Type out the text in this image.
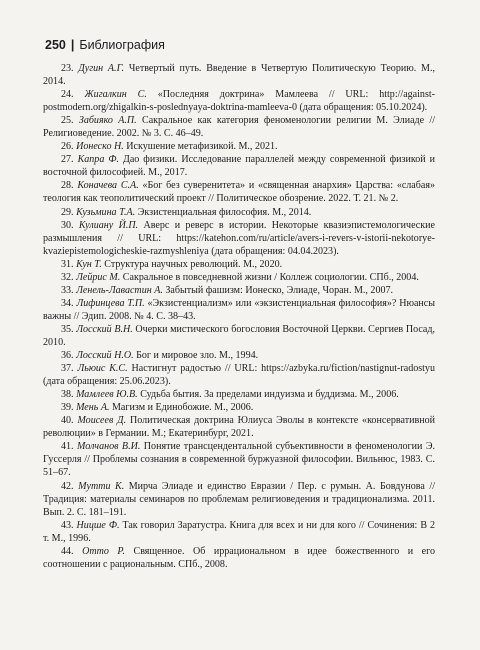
250 | Библиография

23. Дугин А.Г. Четвертый путь. Введение в Четвертую Политическую Теорию. М., 2014.

24. Жигалкин С. «Последняя доктрина» Мамлеева // URL: http://against-postmodern.org/zhigalkin-s-poslednyaya-doktrina-mamleeva-0 (дата обращения: 05.10.2024).

25. Забияко А.П. Сакральное как категория феноменологии религии М. Элиаде // Религиоведение. 2002. № 3. С. 46–49.

26. Ионеско Н. Искушение метафизикой. М., 2021.

27. Капра Ф. Дао физики. Исследование параллелей между современной физикой и восточной философией. М., 2017.

28. Коначева С.А. «Бог без суверенитета» и «священная анархия» Царства: «слабая» теология как теополитический проект // Политическое обозрение. 2022. Т. 21. № 2.

29. Кузьмина Т.А. Экзистенциальная философия. М., 2014.

30. Кулиану Й.П. Аверс и реверс в истории. Некоторые квазиэпистемологические размышления // URL: https://katehon.com/ru/article/avers-i-revers-v-istorii-nekotorye-kvaziepistemologicheskie-razmyshleniya (дата обращения: 04.04.2023).

31. Кун Т. Структура научных революций. М., 2020.

32. Лейрис М. Сакральное в повседневной жизни / Коллеж социологии. СПб., 2004.

33. Ленель-Лавастин А. Забытый фашизм: Ионеско, Элиаде, Чоран. М., 2007.

34. Лифинцева Т.П. «Экзистенциализм» или «экзистенциальная философия»? Нюансы важны // Эдип. 2008. № 4. С. 38–43.

35. Лосский В.Н. Очерки мистического богословия Восточной Церкви. Сергиев Посад, 2010.

36. Лосский Н.О. Бог и мировое зло. М., 1994.

37. Льюис К.С. Настигнут радостью // URL: https://azbyka.ru/fiction/nastignut-radostyu (дата обращения: 25.06.2023).

38. Мамлеев Ю.В. Судьба бытия. За пределами индуизма и буддизма. М., 2006.

39. Мень А. Магизм и Единобожие. М., 2006.

40. Моисеев Д. Политическая доктрина Юлиуса Эволы в контексте «консервативной революции» в Германии. М.; Екатеринбург, 2021.

41. Молчанов В.И. Понятие трансцендентальной субъективности в феноменологии Э. Гуссерля // Проблемы сознания в современной буржуазной философии. Вильнюс, 1983. С. 51–67.

42. Мутти К. Мирча Элиаде и единство Евразии / Пер. с румын. А. Бовдунова // Традиция: материалы семинаров по проблемам религиоведения и традиционализма. 2011. Вып. 2. С. 181–191.

43. Ницше Ф. Так говорил Заратустра. Книга для всех и ни для кого // Сочинения: В 2 т. М., 1996.

44. Отто Р. Священное. Об иррациональном в идее божественного и его соотношении с рациональным. СПб., 2008.
